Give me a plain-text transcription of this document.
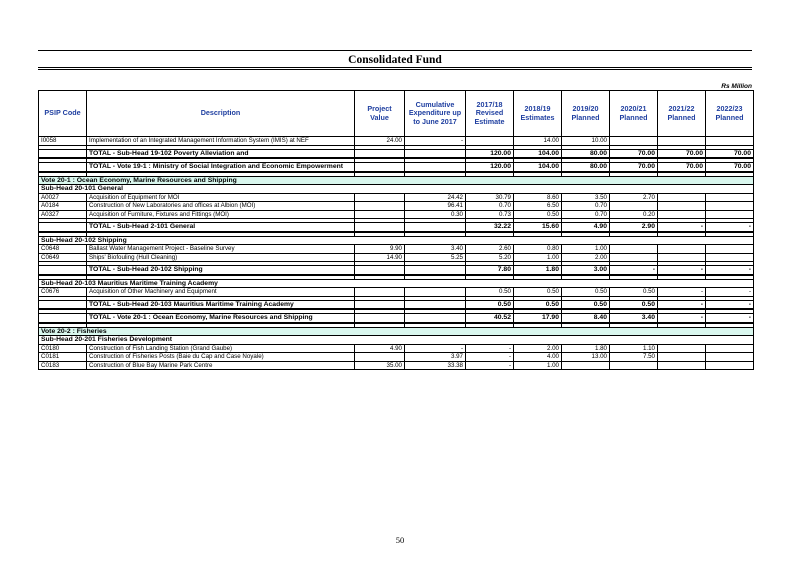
Consolidated Fund
Rs Million
PSIP Code	Description	Project Value	Cumulative Expenditure up to June 2017	2017/18 Revised Estimate	2018/19 Estimates	2019/20 Planned	2020/21 Planned	2021/22 Planned	2022/23 Planned
I0058	Implementation of an Integrated Management Information System (IMIS) at NEF	24.00	-		14.00	10.00			

	TOTAL - Sub-Head 19-102 Poverty Alleviation and			120.00	104.00	80.00	70.00	70.00	70.00

	TOTAL - Vote 19-1 : Ministry of Social Integration and Economic Empowerment			120.00	104.00	80.00	70.00	70.00	70.00

Vote 20-1 : Ocean Economy, Marine Resources and Shipping									
Sub-Head 20-101 General									
A0027	Acquisition of Equipment for MOI		24.42	30.79	8.60	3.50	2.70		
A0184	Construction of New Laboratories and offices at Albion (MOI)		96.41	0.70	6.50	0.70			
A0327	Acquisition of Furniture, Fixtures and Fittings (MOI)		0.30	0.73	0.50	0.70	0.20		

	TOTAL - Sub-Head 2-101 General			32.22	15.60	4.90	2.90	-	-

Sub-Head 20-102 Shipping									
C0648	Ballast Water Management Project - Baseline Survey	9.90	3.40	2.60	0.80	1.00			
C0649	Ships' Biofouling (Hull Cleaning)	14.90	5.25	5.20	1.00	2.00			

	TOTAL - Sub-Head 20-102 Shipping			7.80	1.80	3.00	-	-	-

Sub-Head 20-103 Mauritius Maritime Training Academy									
C0676	Acquisition of Other Machinery and Equipment			0.50	0.50	0.50	0.50	-	-

	TOTAL - Sub-Head 20-103 Mauritius Maritime Training Academy			0.50	0.50	0.50	0.50	-	-

	TOTAL - Vote 20-1 : Ocean Economy, Marine Resources and Shipping			40.52	17.90	8.40	3.40	-	-

Vote 20-2 : Fisheries									
Sub-Head 20-201 Fisheries Development									
C0180	Construction of Fish Landing Station (Grand Gaube)	4.90	-	-	2.00	1.80	1.10		
C0181	Construction of Fisheries Posts (Baie du Cap and Case Noyale)		3.97	-	4.00	13.00	7.50		
C0183	Construction of Blue Bay Marine Park Centre	35.00	33.38	-	1.00				
50
